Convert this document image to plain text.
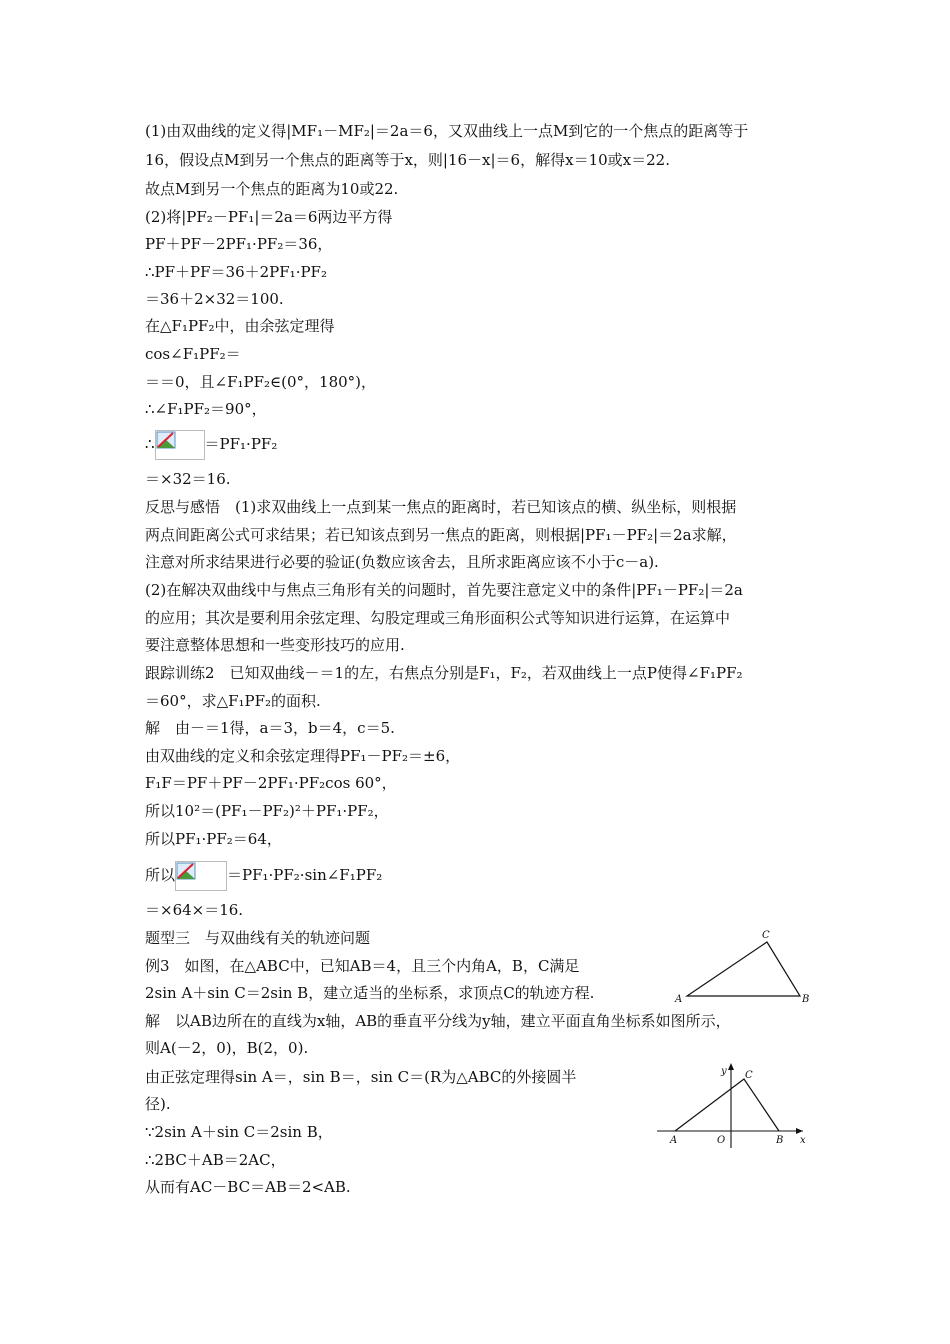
(1)由双曲线的定义得|MF₁－MF₂|＝2a＝6，又双曲线上一点M到它的一个焦点的距离等于
16，假设点M到另一个焦点的距离等于x，则|16－x|＝6，解得x＝10或x＝22.
故点M到另一个焦点的距离为10或22.
(2)将|PF₂－PF₁|＝2a＝6两边平方得
PF＋PF－2PF₁·PF₂＝36，
∴PF＋PF＝36＋2PF₁·PF₂
＝36＋2×32＝100.
在△F₁PF₂中，由余弦定理得
cos∠F₁PF₂＝
＝＝0，且∠F₁PF₂∈(0°，180°)，
∴∠F₁PF₂＝90°，
∴	＝PF₁·PF₂
＝×32＝16.
反思与感悟　(1)求双曲线上一点到某一焦点的距离时，若已知该点的横、纵坐标，则根据
两点间距离公式可求结果；若已知该点到另一焦点的距离，则根据|PF₁－PF₂|＝2a求解，
注意对所求结果进行必要的验证(负数应该舍去，且所求距离应该不小于c－a).
(2)在解决双曲线中与焦点三角形有关的问题时，首先要注意定义中的条件|PF₁－PF₂|＝2a
的应用；其次是要利用余弦定理、勾股定理或三角形面积公式等知识进行运算，在运算中
要注意整体思想和一些变形技巧的应用.
跟踪训练2　已知双曲线－＝1的左，右焦点分别是F₁，F₂，若双曲线上一点P使得∠F₁PF₂
＝60°，求△F₁PF₂的面积.
解　由－＝1得，a＝3，b＝4，c＝5.
由双曲线的定义和余弦定理得PF₁－PF₂＝±6，
F₁F＝PF＋PF－2PF₁·PF₂cos 60°，
所以10²＝(PF₁－PF₂)²＋PF₁·PF₂，
所以PF₁·PF₂＝64，
所以	＝PF₁·PF₂·sin∠F₁PF₂
＝×64×＝16.
题型三　与双曲线有关的轨迹问题
例3　如图，在△ABC中，已知AB＝4，且三个内角A，B，C满足
2sin A＋sin C＝2sin B，建立适当的坐标系，求顶点C的轨迹方程.
解　以AB边所在的直线为x轴，AB的垂直平分线为y轴，建立平面直角坐标系如图所示，
则A(－2，0)，B(2，0).
由正弦定理得sin A＝，sin B＝，sin C＝(R为△ABC的外接圆半
径).
∵2sin A＋sin C＝2sin B，
∴2BC＋AB＝2AC，
从而有AC－BC＝AB＝2<AB.
A
C
B
y C
A	O	B x
